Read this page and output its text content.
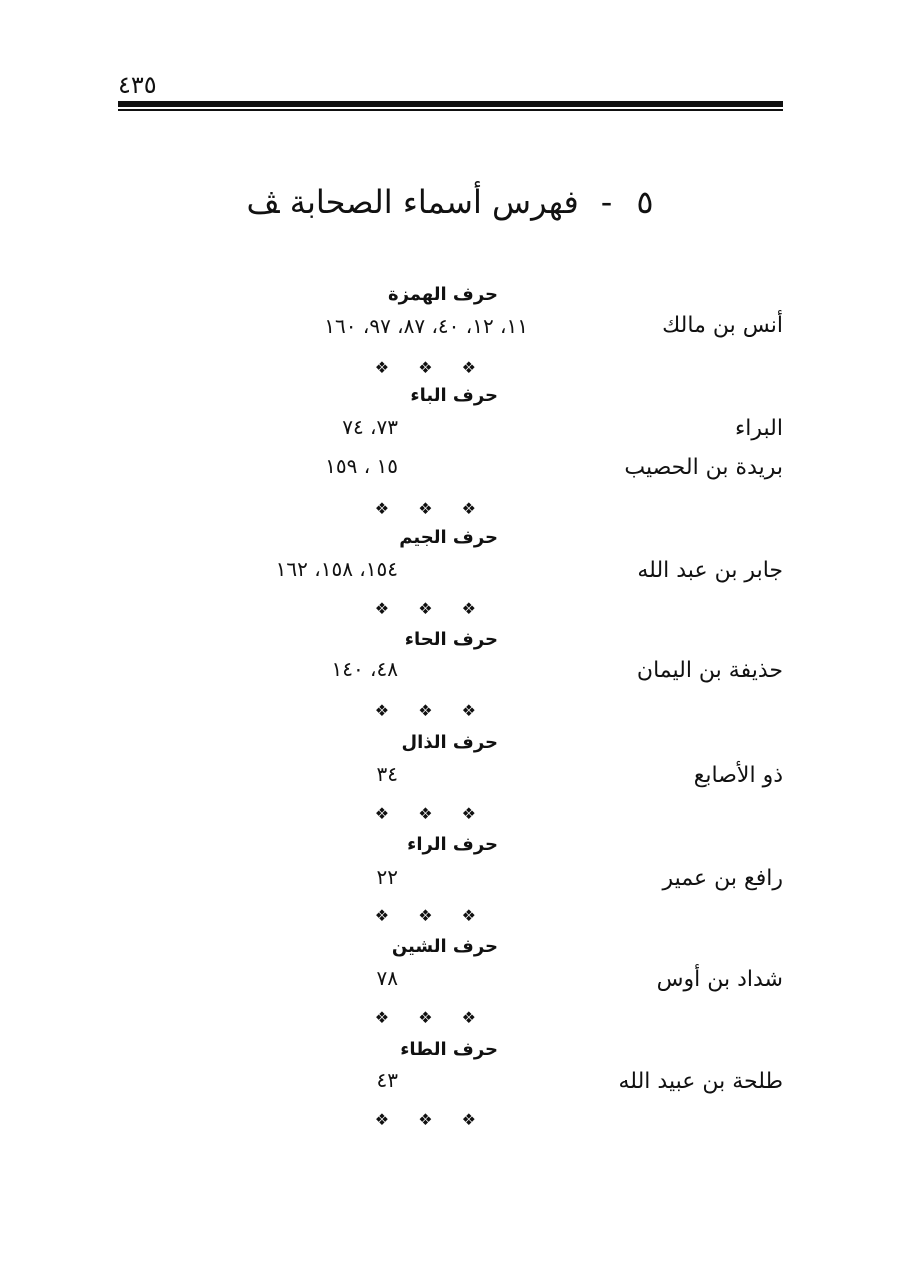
٤٣٥
٥-فهرس أسماء الصحابة ﭫ
حرف الهمزة
أنس بن مالك
١١، ١٢، ٤٠، ٨٧، ٩٧، ١٦٠
❖ ❖ ❖
حرف الباء
البراء
٧٣، ٧٤
بريدة بن الحصيب
١٥ ، ١٥٩
❖ ❖ ❖
حرف الجيم
جابر بن عبد الله
١٥٤، ١٥٨، ١٦٢
❖ ❖ ❖
حرف الحاء
حذيفة بن اليمان
٤٨، ١٤٠
❖ ❖ ❖
حرف الذال
ذو الأصابع
٣٤
❖ ❖ ❖
حرف الراء
رافع بن عمير
٢٢
❖ ❖ ❖
حرف الشين
شداد بن أوس
٧٨
❖ ❖ ❖
حرف الطاء
طلحة بن عبيد الله
٤٣
❖ ❖ ❖
